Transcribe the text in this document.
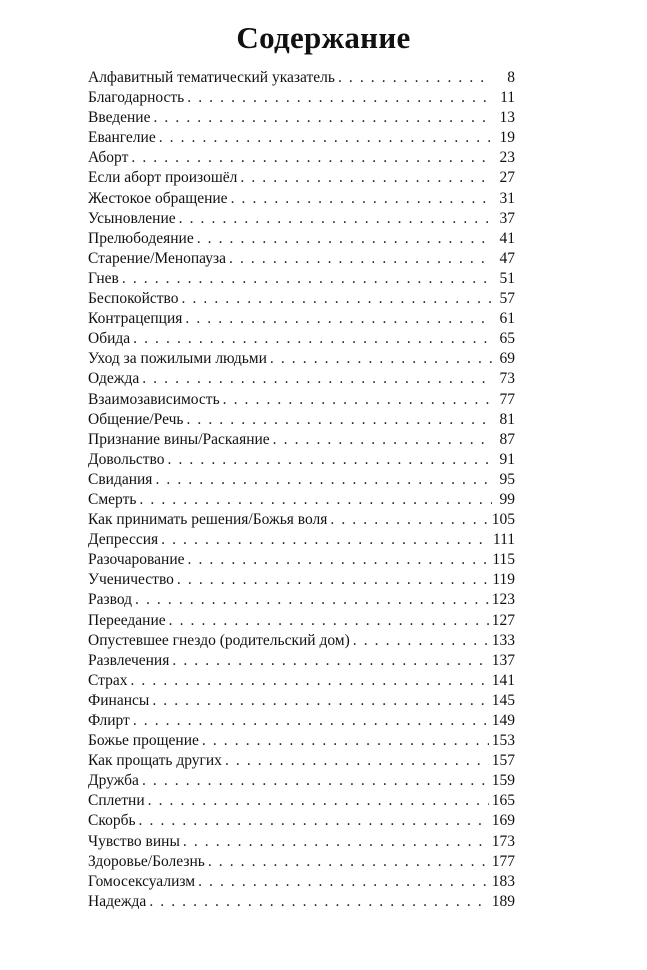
Содержание
Алфавитный тематический указатель . . .	8
Благодарность . . .	11
Введение . . .	13
Евангелие . . .	19
Аборт . . .	23
Если аборт произошёл . . .	27
Жестокое обращение . . .	31
Усыновление . . .	37
Прелюбодеяние . . .	41
Старение/Менопауза . . .	47
Гнев . . .	51
Беспокойство . . .	57
Контрацепция . . .	61
Обида . . .	65
Уход за пожилыми людьми . . .	69
Одежда . . .	73
Взаимозависимость . . .	77
Общение/Речь . . .	81
Признание вины/Раскаяние . . .	87
Довольство . . .	91
Свидания . . .	95
Смерть . . .	99
Как принимать решения/Божья воля . . .	105
Депрессия . . .	111
Разочарование . . .	115
Ученичество . . .	119
Развод . . .	123
Переедание . . .	127
Опустевшее гнездо (родительский дом) . . .	133
Развлечения . . .	137
Страх . . .	141
Финансы . . .	145
Флирт . . .	149
Божье прощение . . .	153
Как прощать других . . .	157
Дружба . . .	159
Сплетни . . .	165
Скорбь . . .	169
Чувство вины . . .	173
Здоровье/Болезнь . . .	177
Гомосексуализм . . .	183
Надежда . . .	189
